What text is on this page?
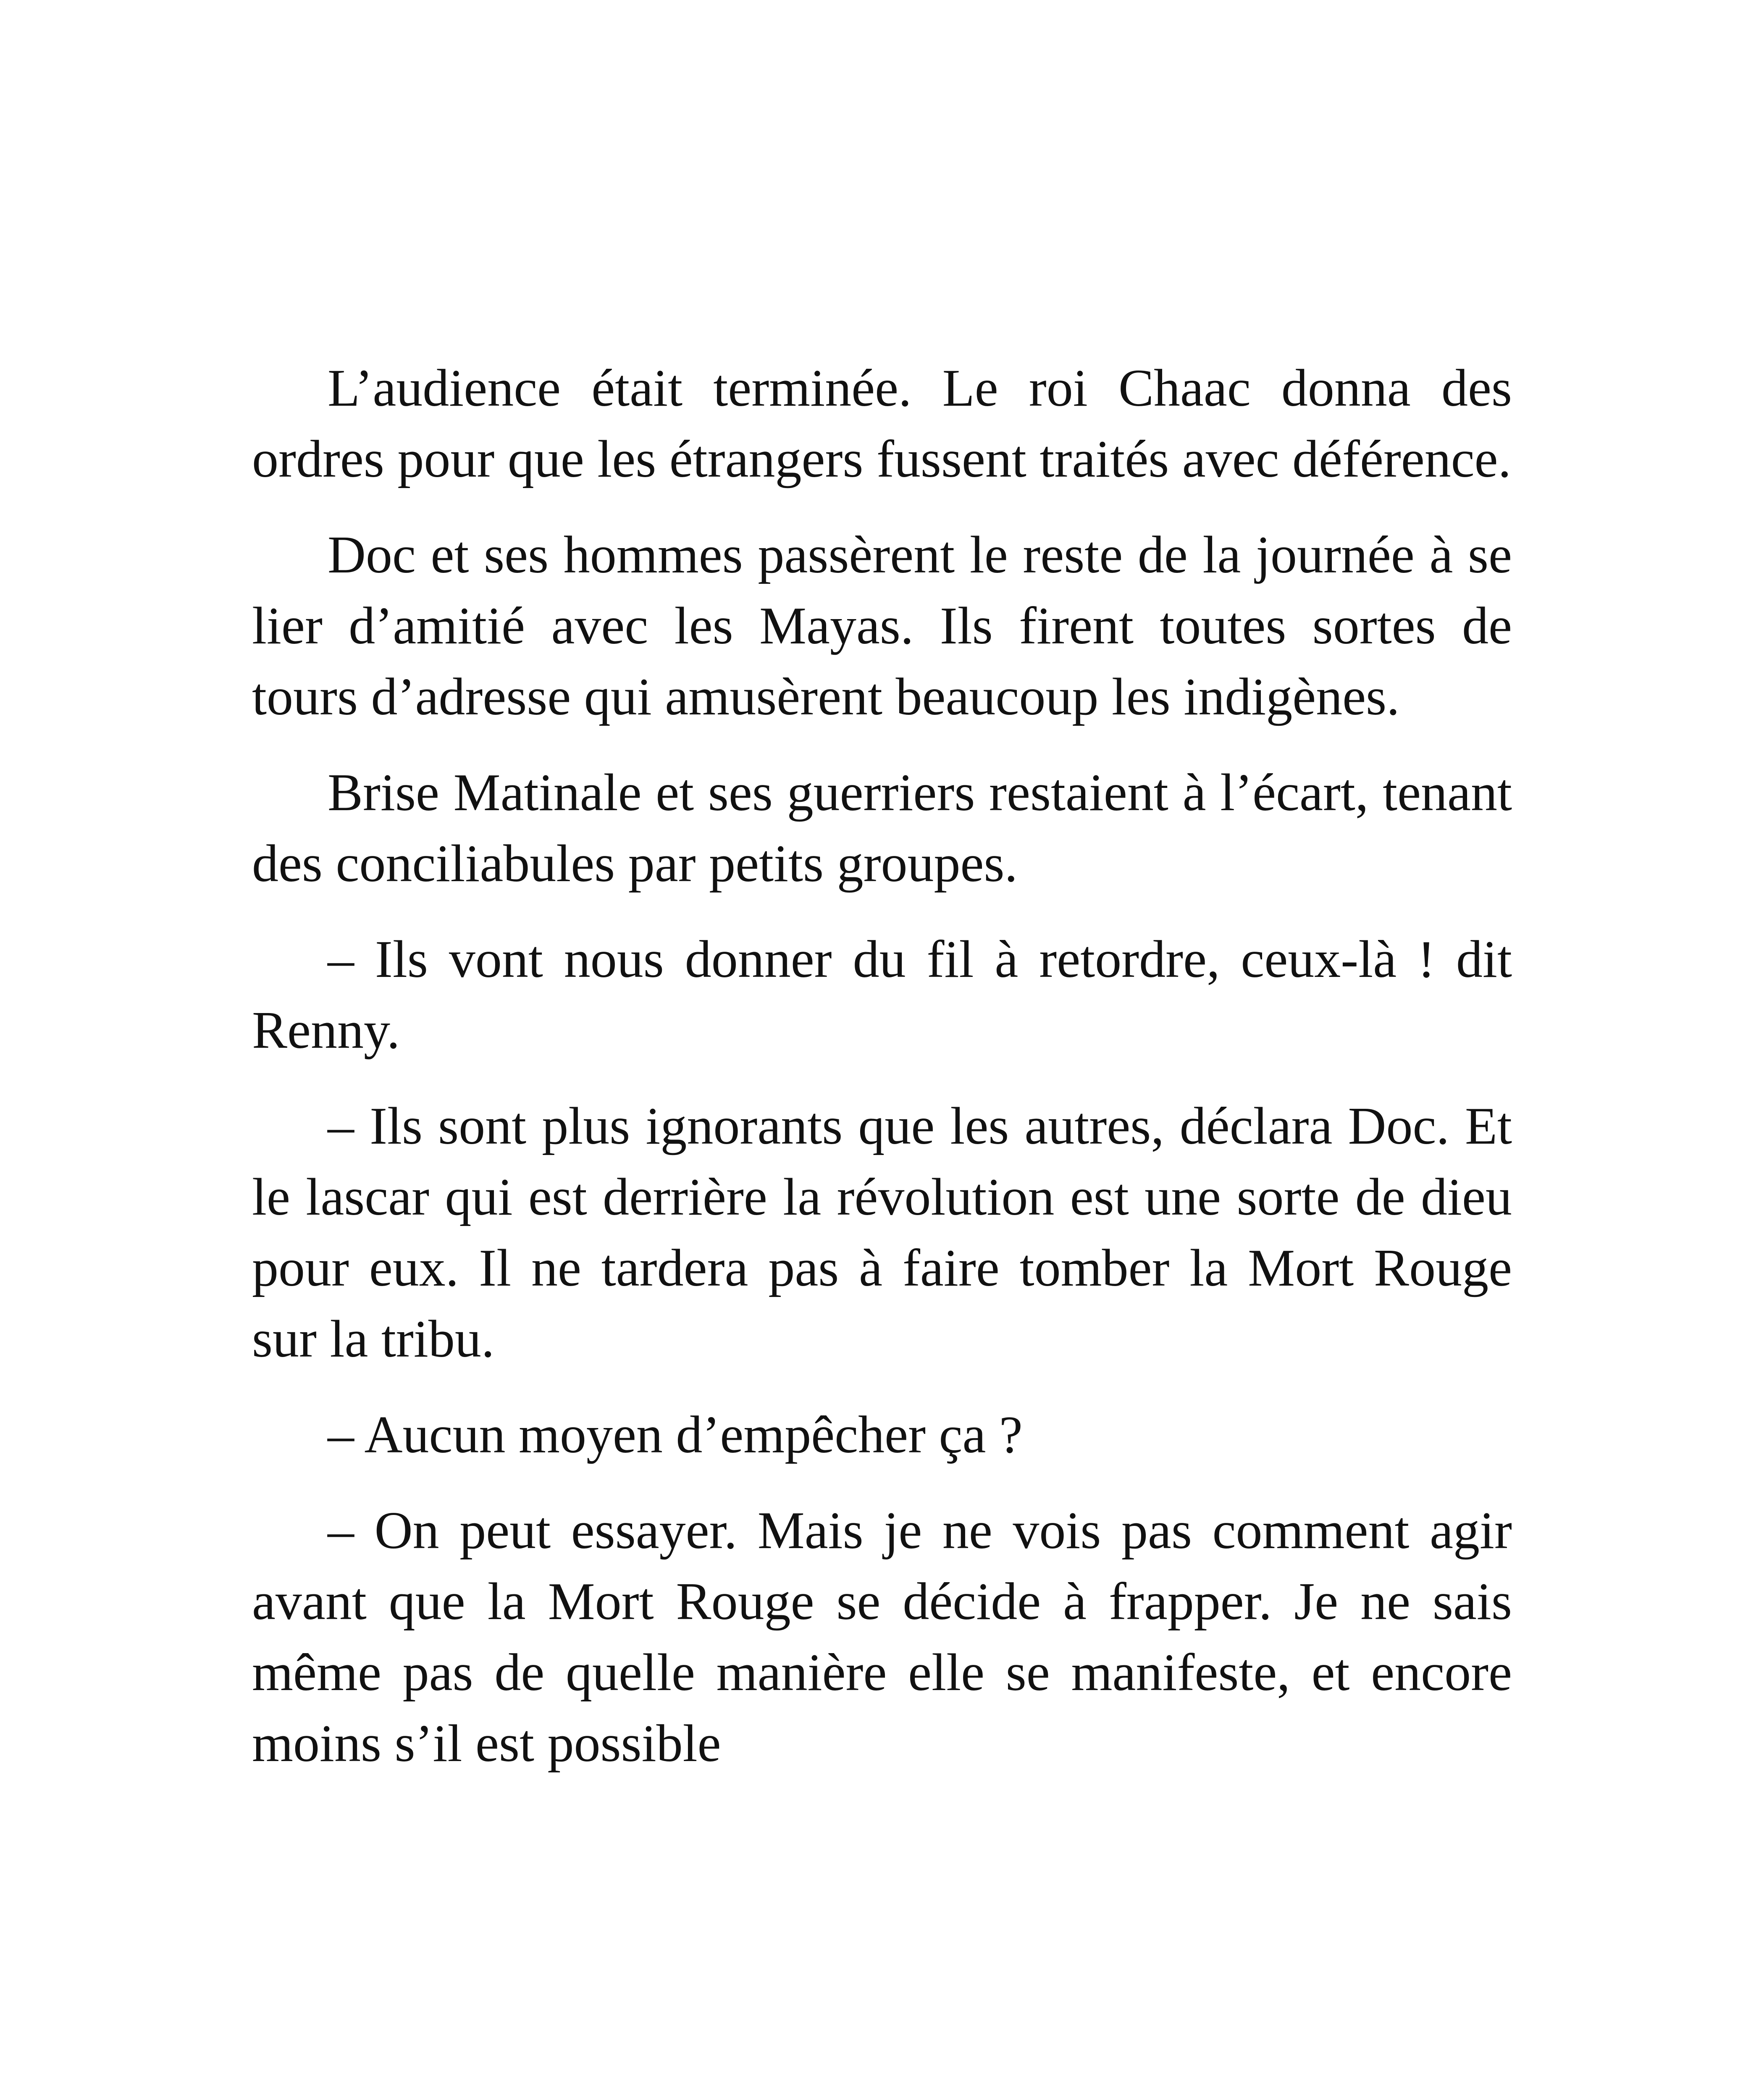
L’audience était terminée. Le roi Chaac donna des ordres pour que les étrangers fussent traités avec déférence.

Doc et ses hommes passèrent le reste de la journée à se lier d’amitié avec les Mayas. Ils firent toutes sortes de tours d’adresse qui amusèrent beaucoup les indigènes.

Brise Matinale et ses guerriers restaient à l’écart, tenant des conciliabules par petits groupes.

– Ils vont nous donner du fil à retordre, ceux-là ! dit Renny.

– Ils sont plus ignorants que les autres, déclara Doc. Et le lascar qui est derrière la révolution est une sorte de dieu pour eux. Il ne tardera pas à faire tomber la Mort Rouge sur la tribu.

– Aucun moyen d’empêcher ça ?

– On peut essayer. Mais je ne vois pas comment agir avant que la Mort Rouge se décide à frapper. Je ne sais même pas de quelle manière elle se manifeste, et encore moins s’il est possible
